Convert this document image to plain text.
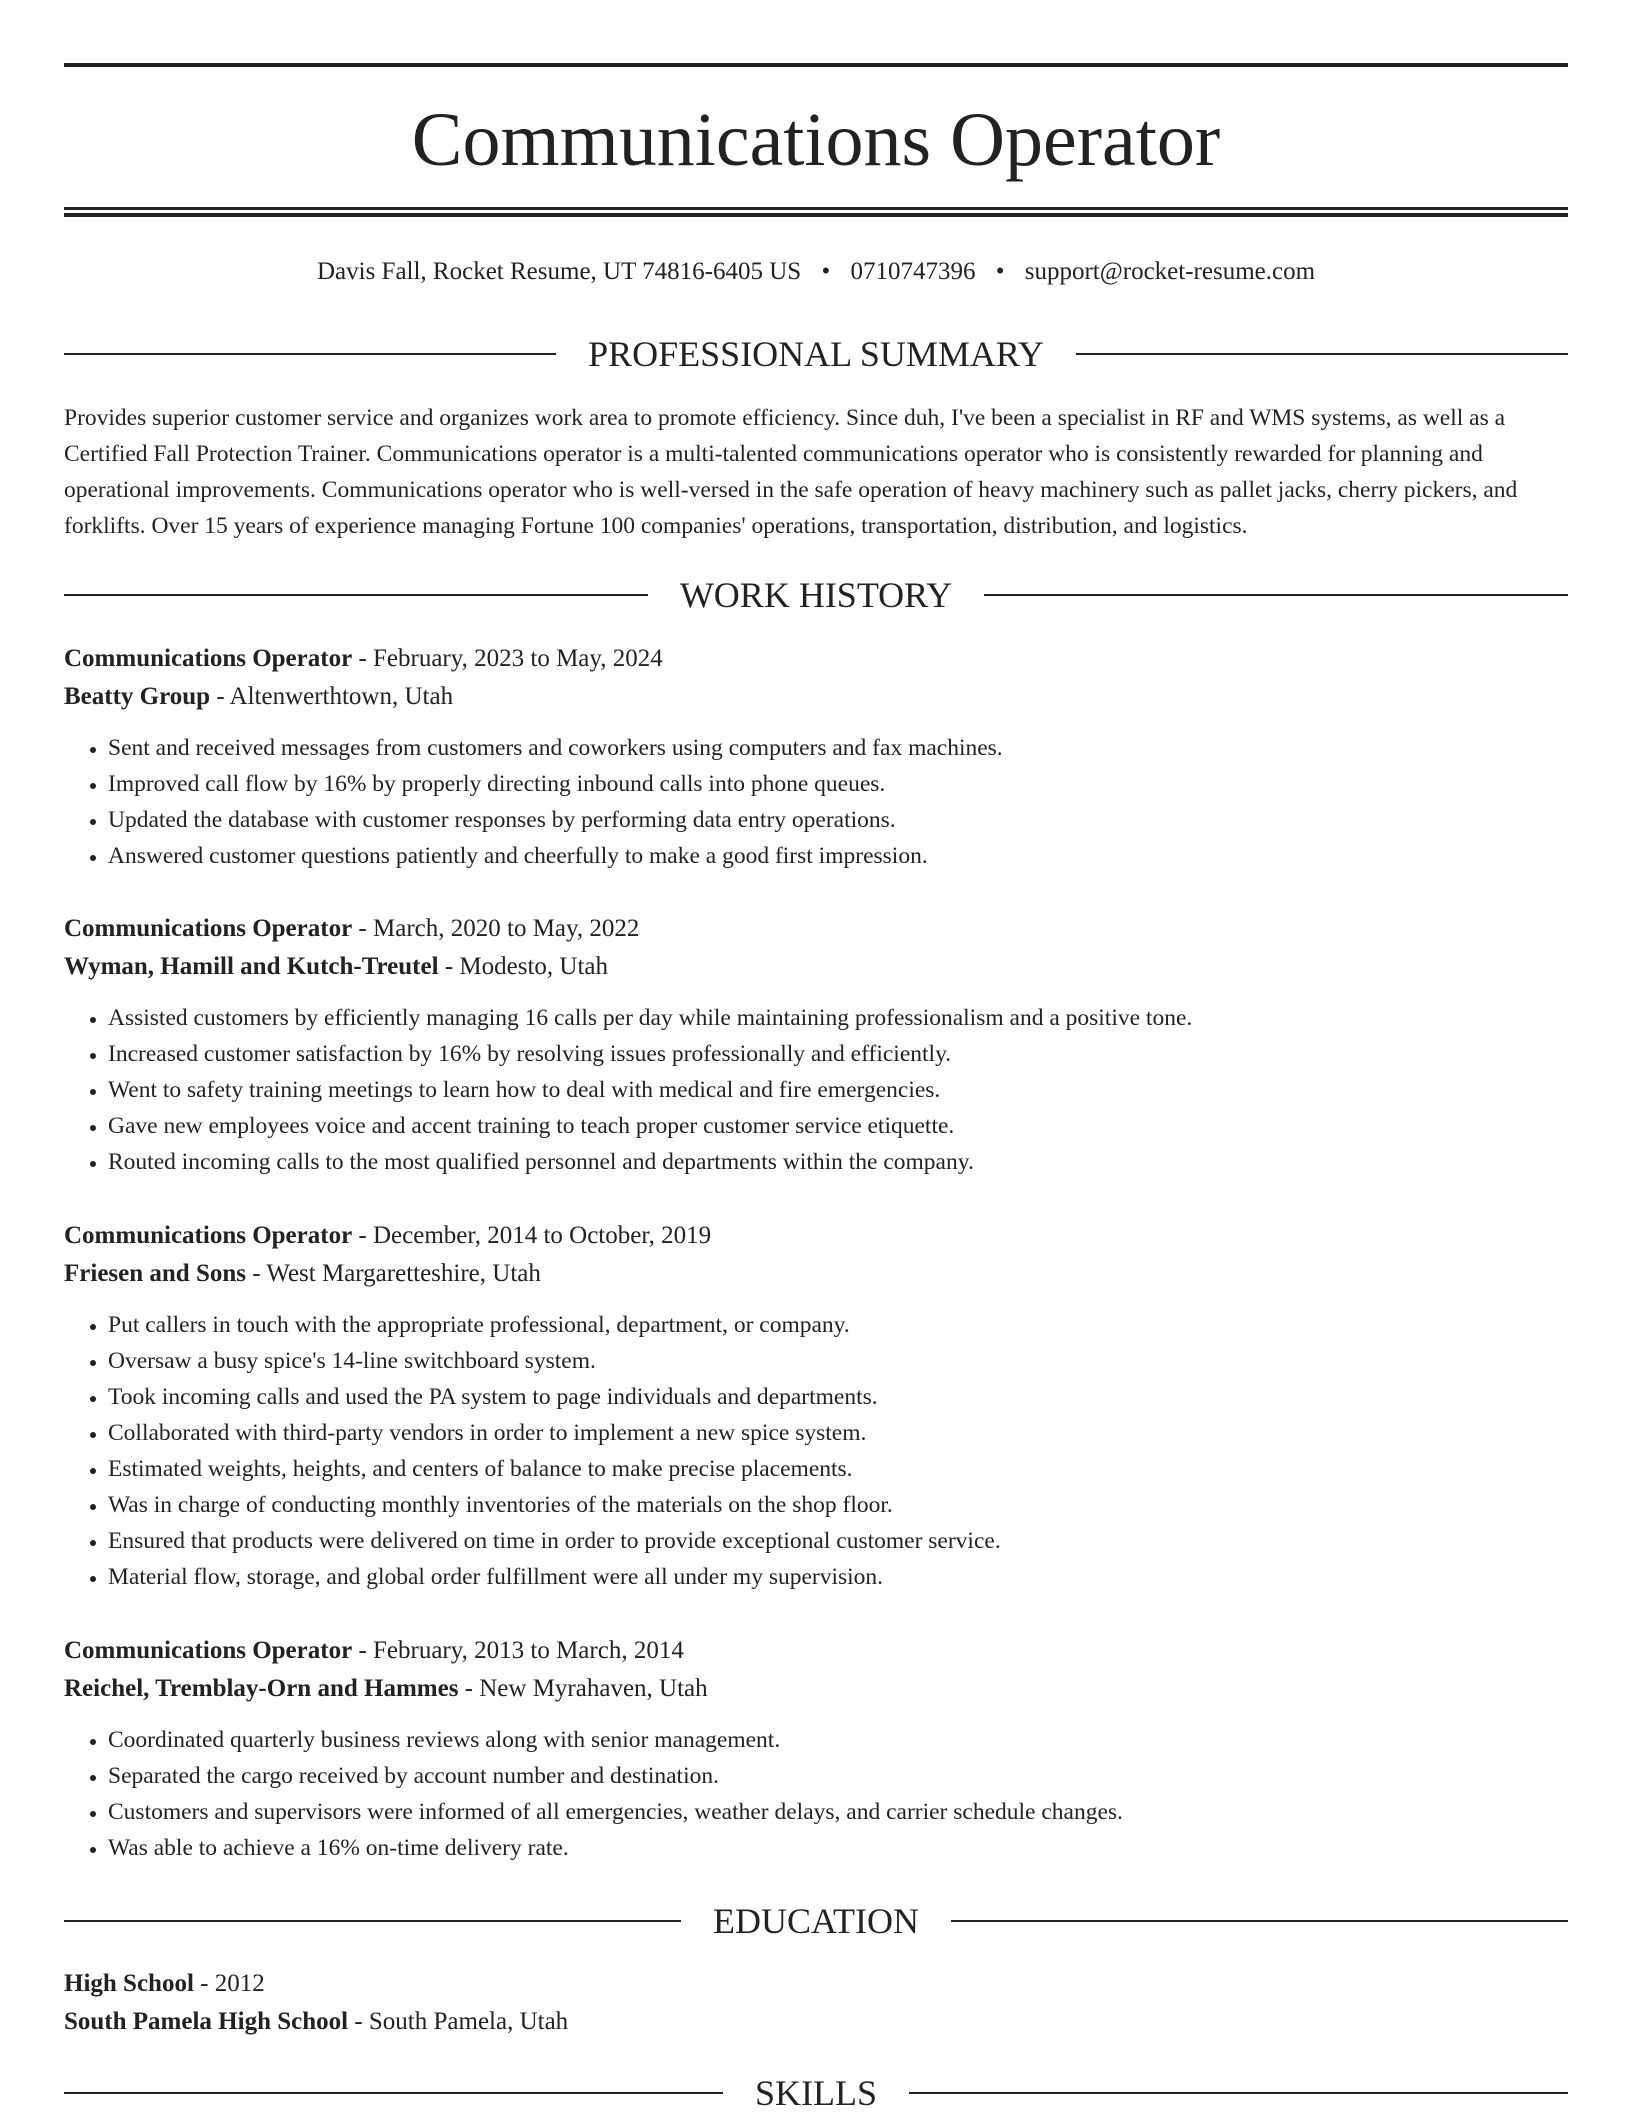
Communications Operator
Davis Fall, Rocket Resume, UT 74816-6405 US • 0710747396 • support@rocket-resume.com
PROFESSIONAL SUMMARY

Provides superior customer service and organizes work area to promote efficiency. Since duh, I've been a specialist in RF and WMS systems, as well as a Certified Fall Protection Trainer. Communications operator is a multi-talented communications operator who is consistently rewarded for planning and operational improvements. Communications operator who is well-versed in the safe operation of heavy machinery such as pallet jacks, cherry pickers, and forklifts. Over 15 years of experience managing Fortune 100 companies' operations, transportation, distribution, and logistics.

WORK HISTORY

Communications Operator - February, 2023 to May, 2024

Beatty Group - Altenwerthtown, Utah

• Sent and received messages from customers and coworkers using computers and fax machines.
• Improved call flow by 16% by properly directing inbound calls into phone queues.
• Updated the database with customer responses by performing data entry operations.
• Answered customer questions patiently and cheerfully to make a good first impression.

Communications Operator - March, 2020 to May, 2022

Wyman, Hamill and Kutch-Treutel - Modesto, Utah

• Assisted customers by efficiently managing 16 calls per day while maintaining professionalism and a positive tone.
• Increased customer satisfaction by 16% by resolving issues professionally and efficiently.
• Went to safety training meetings to learn how to deal with medical and fire emergencies.
• Gave new employees voice and accent training to teach proper customer service etiquette.
• Routed incoming calls to the most qualified personnel and departments within the company.

Communications Operator - December, 2014 to October, 2019

Friesen and Sons - West Margaretteshire, Utah

• Put callers in touch with the appropriate professional, department, or company.
• Oversaw a busy spice's 14-line switchboard system.
• Took incoming calls and used the PA system to page individuals and departments.
• Collaborated with third-party vendors in order to implement a new spice system.
• Estimated weights, heights, and centers of balance to make precise placements.
• Was in charge of conducting monthly inventories of the materials on the shop floor.
• Ensured that products were delivered on time in order to provide exceptional customer service.
• Material flow, storage, and global order fulfillment were all under my supervision.

Communications Operator - February, 2013 to March, 2014

Reichel, Tremblay-Orn and Hammes - New Myrahaven, Utah

• Coordinated quarterly business reviews along with senior management.
• Separated the cargo received by account number and destination.
• Customers and supervisors were informed of all emergencies, weather delays, and carrier schedule changes.
• Was able to achieve a 16% on-time delivery rate.
EDUCATION

High School - 2012

South Pamela High School - South Pamela, Utah

SKILLS
